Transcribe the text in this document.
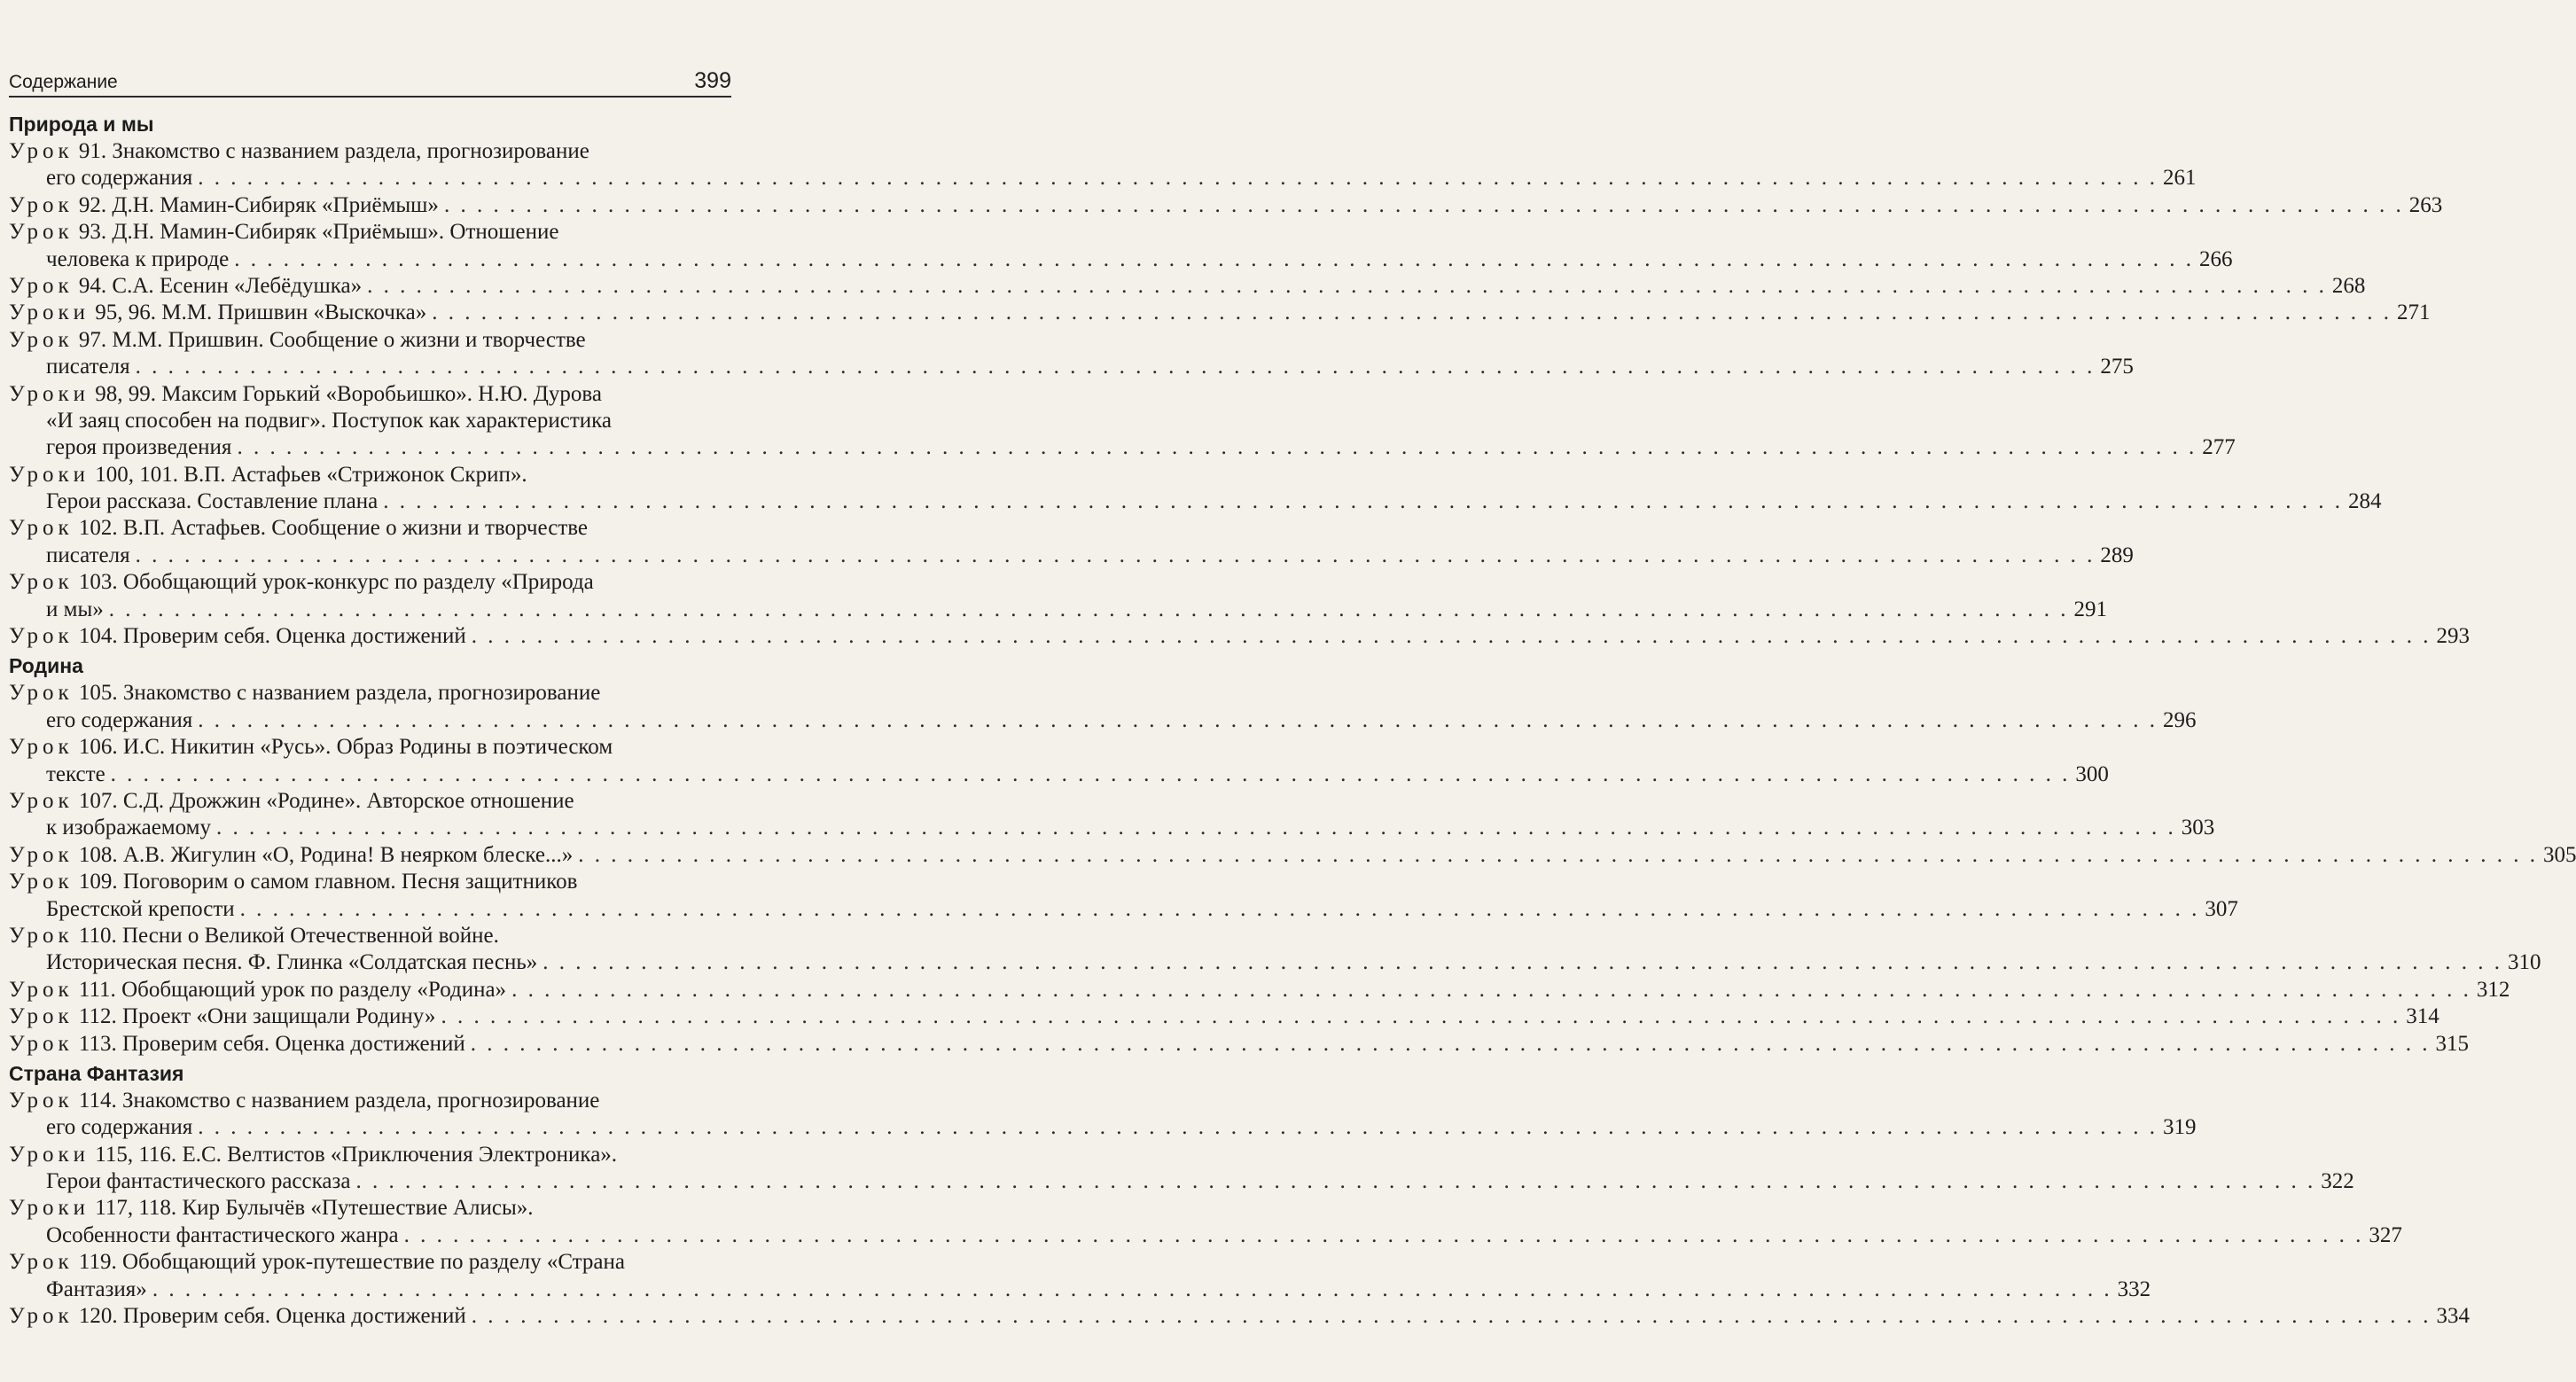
Содержание	399
Природа и мы
Урок 91. Знакомство с названием раздела, прогнозирование
его содержания . . . . . . . . . . . . . . . . . . . . . . . . . . . . . . . . . . . . . . . . . . . . . . . . . . . . . . . . . . . . . . . . . . . . . . . . . . . . . . . . . . . . . . . . . . . . . . . . . . . . . . . . . . . . . . . . . . . . . . . . 261
Урок 92. Д.Н. Мамин-Сибиряк «Приёмыш» . . . . . . . . . . . . . . . . . . . . . . . . . . . . . . . . . . . . . . . . . . . . . . . . . . . . . . . . . . . . . . . . . . . . . . . . . . . . . . . . . . . . . . . . . . . . . . . . . . . . . . . . . . . . . . . . . . . . . . . . 263
Урок 93. Д.Н. Мамин-Сибиряк «Приёмыш». Отношение
человека к природе . . . . . . . . . . . . . . . . . . . . . . . . . . . . . . . . . . . . . . . . . . . . . . . . . . . . . . . . . . . . . . . . . . . . . . . . . . . . . . . . . . . . . . . . . . . . . . . . . . . . . . . . . . . . . . . . . . . . . . . . 266
Урок 94. С.А. Есенин «Лебёдушка» . . . . . . . . . . . . . . . . . . . . . . . . . . . . . . . . . . . . . . . . . . . . . . . . . . . . . . . . . . . . . . . . . . . . . . . . . . . . . . . . . . . . . . . . . . . . . . . . . . . . . . . . . . . . . . . . . . . . . . . . 268
Уроки 95, 96. М.М. Пришвин «Выскочка» . . . . . . . . . . . . . . . . . . . . . . . . . . . . . . . . . . . . . . . . . . . . . . . . . . . . . . . . . . . . . . . . . . . . . . . . . . . . . . . . . . . . . . . . . . . . . . . . . . . . . . . . . . . . . . . . . . . . . . . . 271
Урок 97. М.М. Пришвин. Сообщение о жизни и творчестве
писателя . . . . . . . . . . . . . . . . . . . . . . . . . . . . . . . . . . . . . . . . . . . . . . . . . . . . . . . . . . . . . . . . . . . . . . . . . . . . . . . . . . . . . . . . . . . . . . . . . . . . . . . . . . . . . . . . . . . . . . . . 275
Уроки 98, 99. Максим Горький «Воробьишко». Н.Ю. Дурова
«И заяц способен на подвиг». Поступок как характеристика
героя произведения . . . . . . . . . . . . . . . . . . . . . . . . . . . . . . . . . . . . . . . . . . . . . . . . . . . . . . . . . . . . . . . . . . . . . . . . . . . . . . . . . . . . . . . . . . . . . . . . . . . . . . . . . . . . . . . . . . . . . . . . 277
Уроки 100, 101. В.П. Астафьев «Стрижонок Скрип».
Герои рассказа. Составление плана . . . . . . . . . . . . . . . . . . . . . . . . . . . . . . . . . . . . . . . . . . . . . . . . . . . . . . . . . . . . . . . . . . . . . . . . . . . . . . . . . . . . . . . . . . . . . . . . . . . . . . . . . . . . . . . . . . . . . . . . 284
Урок 102. В.П. Астафьев. Сообщение о жизни и творчестве
писателя . . . . . . . . . . . . . . . . . . . . . . . . . . . . . . . . . . . . . . . . . . . . . . . . . . . . . . . . . . . . . . . . . . . . . . . . . . . . . . . . . . . . . . . . . . . . . . . . . . . . . . . . . . . . . . . . . . . . . . . . 289
Урок 103. Обобщающий урок-конкурс по разделу «Природа
и мы» . . . . . . . . . . . . . . . . . . . . . . . . . . . . . . . . . . . . . . . . . . . . . . . . . . . . . . . . . . . . . . . . . . . . . . . . . . . . . . . . . . . . . . . . . . . . . . . . . . . . . . . . . . . . . . . . . . . . . . . . 291
Урок 104. Проверим себя. Оценка достижений . . . . . . . . . . . . . . . . . . . . . . . . . . . . . . . . . . . . . . . . . . . . . . . . . . . . . . . . . . . . . . . . . . . . . . . . . . . . . . . . . . . . . . . . . . . . . . . . . . . . . . . . . . . . . . . . . . . . . . . . 293
Родина
Урок 105. Знакомство с названием раздела, прогнозирование
его содержания . . . . . . . . . . . . . . . . . . . . . . . . . . . . . . . . . . . . . . . . . . . . . . . . . . . . . . . . . . . . . . . . . . . . . . . . . . . . . . . . . . . . . . . . . . . . . . . . . . . . . . . . . . . . . . . . . . . . . . . . 296
Урок 106. И.С. Никитин «Русь». Образ Родины в поэтическом
тексте . . . . . . . . . . . . . . . . . . . . . . . . . . . . . . . . . . . . . . . . . . . . . . . . . . . . . . . . . . . . . . . . . . . . . . . . . . . . . . . . . . . . . . . . . . . . . . . . . . . . . . . . . . . . . . . . . . . . . . . . 300
Урок 107. С.Д. Дрожжин «Родине». Авторское отношение
к изображаемому . . . . . . . . . . . . . . . . . . . . . . . . . . . . . . . . . . . . . . . . . . . . . . . . . . . . . . . . . . . . . . . . . . . . . . . . . . . . . . . . . . . . . . . . . . . . . . . . . . . . . . . . . . . . . . . . . . . . . . . . 303
Урок 108. А.В. Жигулин «О, Родина! В неярком блеске...» . . . . . . . . . . . . . . . . . . . . . . . . . . . . . . . . . . . . . . . . . . . . . . . . . . . . . . . . . . . . . . . . . . . . . . . . . . . . . . . . . . . . . . . . . . . . . . . . . . . . . . . . . . . . . . . . . . . . . . . . 305
Урок 109. Поговорим о самом главном. Песня защитников
Брестской крепости . . . . . . . . . . . . . . . . . . . . . . . . . . . . . . . . . . . . . . . . . . . . . . . . . . . . . . . . . . . . . . . . . . . . . . . . . . . . . . . . . . . . . . . . . . . . . . . . . . . . . . . . . . . . . . . . . . . . . . . . 307
Урок 110. Песни о Великой Отечественной войне.
Историческая песня. Ф. Глинка «Солдатская песнь» . . . . . . . . . . . . . . . . . . . . . . . . . . . . . . . . . . . . . . . . . . . . . . . . . . . . . . . . . . . . . . . . . . . . . . . . . . . . . . . . . . . . . . . . . . . . . . . . . . . . . . . . . . . . . . . . . . . . . . . . 310
Урок 111. Обобщающий урок по разделу «Родина» . . . . . . . . . . . . . . . . . . . . . . . . . . . . . . . . . . . . . . . . . . . . . . . . . . . . . . . . . . . . . . . . . . . . . . . . . . . . . . . . . . . . . . . . . . . . . . . . . . . . . . . . . . . . . . . . . . . . . . . . 312
Урок 112. Проект «Они защищали Родину» . . . . . . . . . . . . . . . . . . . . . . . . . . . . . . . . . . . . . . . . . . . . . . . . . . . . . . . . . . . . . . . . . . . . . . . . . . . . . . . . . . . . . . . . . . . . . . . . . . . . . . . . . . . . . . . . . . . . . . . . 314
Урок 113. Проверим себя. Оценка достижений . . . . . . . . . . . . . . . . . . . . . . . . . . . . . . . . . . . . . . . . . . . . . . . . . . . . . . . . . . . . . . . . . . . . . . . . . . . . . . . . . . . . . . . . . . . . . . . . . . . . . . . . . . . . . . . . . . . . . . . . 315
Страна Фантазия
Урок 114. Знакомство с названием раздела, прогнозирование
его содержания . . . . . . . . . . . . . . . . . . . . . . . . . . . . . . . . . . . . . . . . . . . . . . . . . . . . . . . . . . . . . . . . . . . . . . . . . . . . . . . . . . . . . . . . . . . . . . . . . . . . . . . . . . . . . . . . . . . . . . . . 319
Уроки 115, 116. Е.С. Велтистов «Приключения Электроника».
Герои фантастического рассказа . . . . . . . . . . . . . . . . . . . . . . . . . . . . . . . . . . . . . . . . . . . . . . . . . . . . . . . . . . . . . . . . . . . . . . . . . . . . . . . . . . . . . . . . . . . . . . . . . . . . . . . . . . . . . . . . . . . . . . . . 322
Уроки 117, 118. Кир Булычёв «Путешествие Алисы».
Особенности фантастического жанра . . . . . . . . . . . . . . . . . . . . . . . . . . . . . . . . . . . . . . . . . . . . . . . . . . . . . . . . . . . . . . . . . . . . . . . . . . . . . . . . . . . . . . . . . . . . . . . . . . . . . . . . . . . . . . . . . . . . . . . . 327
Урок 119. Обобщающий урок-путешествие по разделу «Страна
Фантазия» . . . . . . . . . . . . . . . . . . . . . . . . . . . . . . . . . . . . . . . . . . . . . . . . . . . . . . . . . . . . . . . . . . . . . . . . . . . . . . . . . . . . . . . . . . . . . . . . . . . . . . . . . . . . . . . . . . . . . . . . 332
Урок 120. Проверим себя. Оценка достижений . . . . . . . . . . . . . . . . . . . . . . . . . . . . . . . . . . . . . . . . . . . . . . . . . . . . . . . . . . . . . . . . . . . . . . . . . . . . . . . . . . . . . . . . . . . . . . . . . . . . . . . . . . . . . . . . . . . . . . . . 334
